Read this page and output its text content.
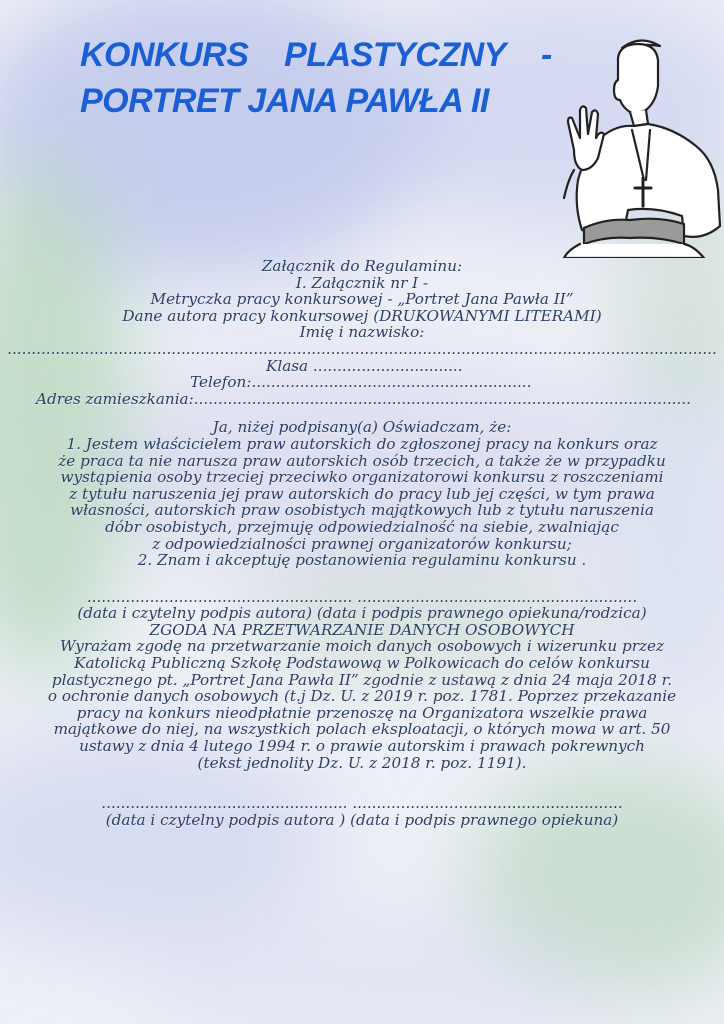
KONKURS    PLASTYCZNY    -
PORTRET JANA PAWŁA II

Załącznik do Regulaminu:

I. Załącznik nr I -

Metryczka pracy konkursowej - „Portret Jana Pawła II”

Dane autora pracy konkursowej (DRUKOWANYMI LITERAMI)

Imię i nazwisko:

...................................................................................................................................................

Klasa ...............................

Telefon:..........................................................

Adres zamieszkania:.......................................................................................................

Ja, niżej podpisany(a) Oświadczam, że:

1. Jestem właścicielem praw autorskich do zgłoszonej pracy na konkurs oraz

że praca ta nie narusza praw autorskich osób trzecich, a także że w przypadku

wystąpienia osoby trzeciej przeciwko organizatorowi konkursu z roszczeniami

z tytułu naruszenia jej praw autorskich do pracy lub jej części, w tym prawa

własności, autorskich praw osobistych majątkowych lub z tytułu naruszenia

dóbr osobistych, przejmuję odpowiedzialność na siebie, zwalniając

z odpowiedzialności prawnej organizatorów konkursu;

2. Znam i akceptuję postanowienia regulaminu konkursu .

....................................................... ..........................................................

(data i czytelny podpis autora) (data i podpis prawnego opiekuna/rodzica)

ZGODA NA PRZETWARZANIE DANYCH OSOBOWYCH

Wyrażam zgodę na przetwarzanie moich danych osobowych i wizerunku przez

Katolicką Publiczną Szkołę Podstawową w Polkowicach do celów konkursu

plastycznego pt. „Portret Jana Pawła II” zgodnie z ustawą z dnia 24 maja 2018 r.

o ochronie danych osobowych (t.j Dz. U. z 2019 r. poz. 1781. Poprzez przekazanie

pracy na konkurs nieodpłatnie przenoszę na Organizatora wszelkie prawa

majątkowe do niej, na wszystkich polach eksploatacji, o których mowa w art. 50

ustawy z dnia 4 lutego 1994 r. o prawie autorskim i prawach pokrewnych

(tekst jednolity Dz. U. z 2018 r. poz. 1191).

................................................... ........................................................

(data i czytelny podpis autora ) (data i podpis prawnego opiekuna)
